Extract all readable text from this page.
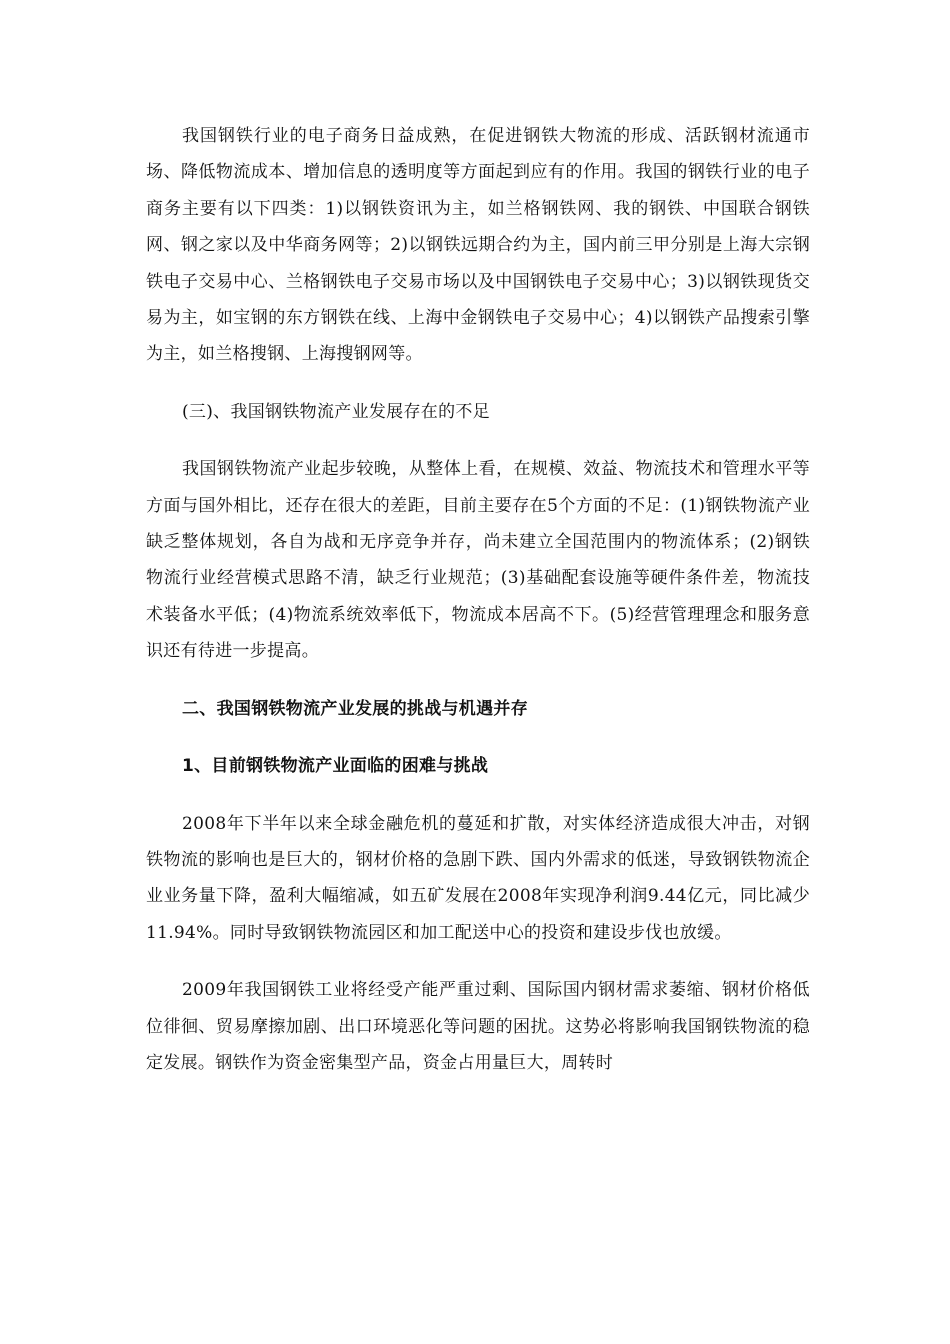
我国钢铁行业的电子商务日益成熟，在促进钢铁大物流的形成、活跃钢材流通市场、降低物流成本、增加信息的透明度等方面起到应有的作用。我国的钢铁行业的电子商务主要有以下四类：1)以钢铁资讯为主，如兰格钢铁网、我的钢铁、中国联合钢铁网、钢之家以及中华商务网等；2)以钢铁远期合约为主，国内前三甲分别是上海大宗钢铁电子交易中心、兰格钢铁电子交易市场以及中国钢铁电子交易中心；3)以钢铁现货交易为主，如宝钢的东方钢铁在线、上海中金钢铁电子交易中心；4)以钢铁产品搜索引擎为主，如兰格搜钢、上海搜钢网等。

(三)、我国钢铁物流产业发展存在的不足

我国钢铁物流产业起步较晚，从整体上看，在规模、效益、物流技术和管理水平等方面与国外相比，还存在很大的差距，目前主要存在5个方面的不足：(1)钢铁物流产业缺乏整体规划，各自为战和无序竞争并存，尚未建立全国范围内的物流体系；(2)钢铁物流行业经营模式思路不清，缺乏行业规范；(3)基础配套设施等硬件条件差，物流技术装备水平低；(4)物流系统效率低下，物流成本居高不下。(5)经营管理理念和服务意识还有待进一步提高。

二、我国钢铁物流产业发展的挑战与机遇并存

1、目前钢铁物流产业面临的困难与挑战

2008年下半年以来全球金融危机的蔓延和扩散，对实体经济造成很大冲击，对钢铁物流的影响也是巨大的，钢材价格的急剧下跌、国内外需求的低迷，导致钢铁物流企业业务量下降，盈利大幅缩减，如五矿发展在2008年实现净利润9.44亿元，同比减少11.94%。同时导致钢铁物流园区和加工配送中心的投资和建设步伐也放缓。

2009年我国钢铁工业将经受产能严重过剩、国际国内钢材需求萎缩、钢材价格低位徘徊、贸易摩擦加剧、出口环境恶化等问题的困扰。这势必将影响我国钢铁物流的稳定发展。钢铁作为资金密集型产品，资金占用量巨大，周转时
